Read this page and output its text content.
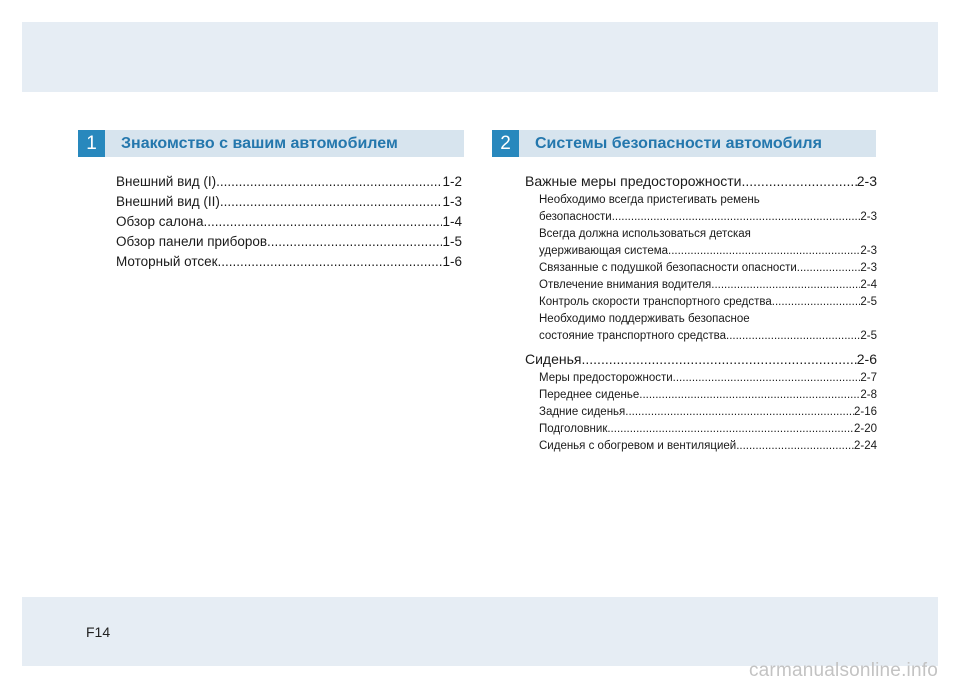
1	Знакомство с вашим автомобилем
Внешний вид (I) .....	1-2
Внешний вид (II) .....	1-3
Обзор салона .....	1-4
Обзор панели приборов .....	1-5
Моторный отсек .....	1-6
2	Системы безопасности автомобиля
Важные меры предосторожности .....	2-3
Необходимо всегда пристегивать ремень
безопасности .....	2-3
Всегда должна использоваться детская
удерживающая система .....	2-3
Связанные с подушкой безопасности опасности .....	2-3
Отвлечение внимания водителя .....	2-4
Контроль скорости транспортного средства .....	2-5
Необходимо поддерживать безопасное
состояние транспортного средства .....	2-5
Сиденья .....	2-6
Меры предосторожности .....	2-7
Переднее сиденье .....	2-8
Задние сиденья .....	2-16
Подголовник .....	2-20
Сиденья с обогревом и вентиляцией .....	2-24
F14
carmanualsonline.info
